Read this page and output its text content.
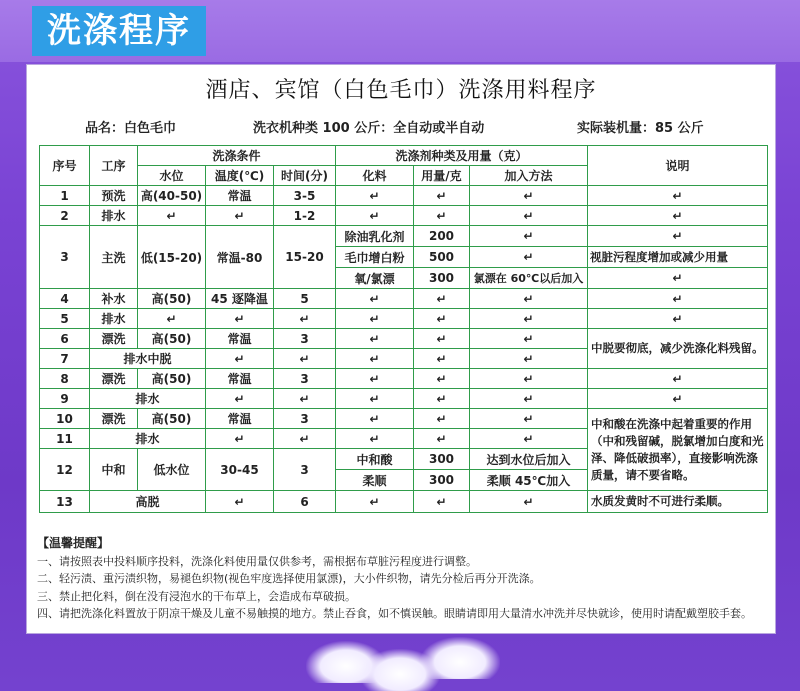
洗涤程序
酒店、宾馆（白色毛巾）洗涤用料程序
品名：白色毛巾	洗衣机种类 100 公斤：全自动或半自动	实际装机量：85 公斤
序号	工序	洗涤条件			洗涤剂种类及用量（克）			说明
		水位	温度(℃)	时间(分)	化料	用量/克	加入方法	
1	预洗	高(40-50)	常温	3-5	↵	↵	↵	↵
2	排水	↵	↵	1-2	↵	↵	↵	↵
3	主洗	低(15-20)	常温-80	15-20	除油乳化剂	200	↵	↵
					毛巾增白粉	500	↵	视脏污程度增加或减少用量
					氧/氯漂	300	氯漂在 60℃以后加入	↵
4	补水	高(50)	45 逐降温	5	↵	↵	↵	↵
5	排水	↵	↵	↵	↵	↵	↵	↵
6	漂洗	高(50)	常温	3	↵	↵	↵	中脱要彻底，减少洗涤化料残留。
7	排水中脱		↵	↵	↵	↵	↵	
8	漂洗	高(50)	常温	3	↵	↵	↵	↵
9	排水		↵	↵	↵	↵	↵	↵
10	漂洗	高(50)	常温	3	↵	↵	↵	中和酸在洗涤中起着重要的作用（中和残留碱，脱氯增加白度和光泽、降低破损率），直接影响洗涤质量，请不要省略。
11	排水		↵	↵	↵	↵	↵	
12	中和	低水位	30-45	3	中和酸	300	达到水位后加入	
					柔顺	300	柔顺 45℃加入	
13	高脱		↵	6	↵	↵	↵	水质发黄时不可进行柔顺。
【温馨提醒】
一、请按照表中投料顺序投料，洗涤化料使用量仅供参考，需根据布草脏污程度进行调整。
二、轻污渍、重污渍织物，易褪色织物(视色牢度选择使用氯漂)，大小件织物，请先分检后再分开洗涤。
三、禁止把化料，倒在没有浸泡水的干布草上，会造成布草破损。
四、请把洗涤化料置放于阴凉干燥及儿童不易触摸的地方。禁止吞食，如不慎误触。眼睛请即用大量清水冲洗并尽快就诊，使用时请配戴塑胶手套。
